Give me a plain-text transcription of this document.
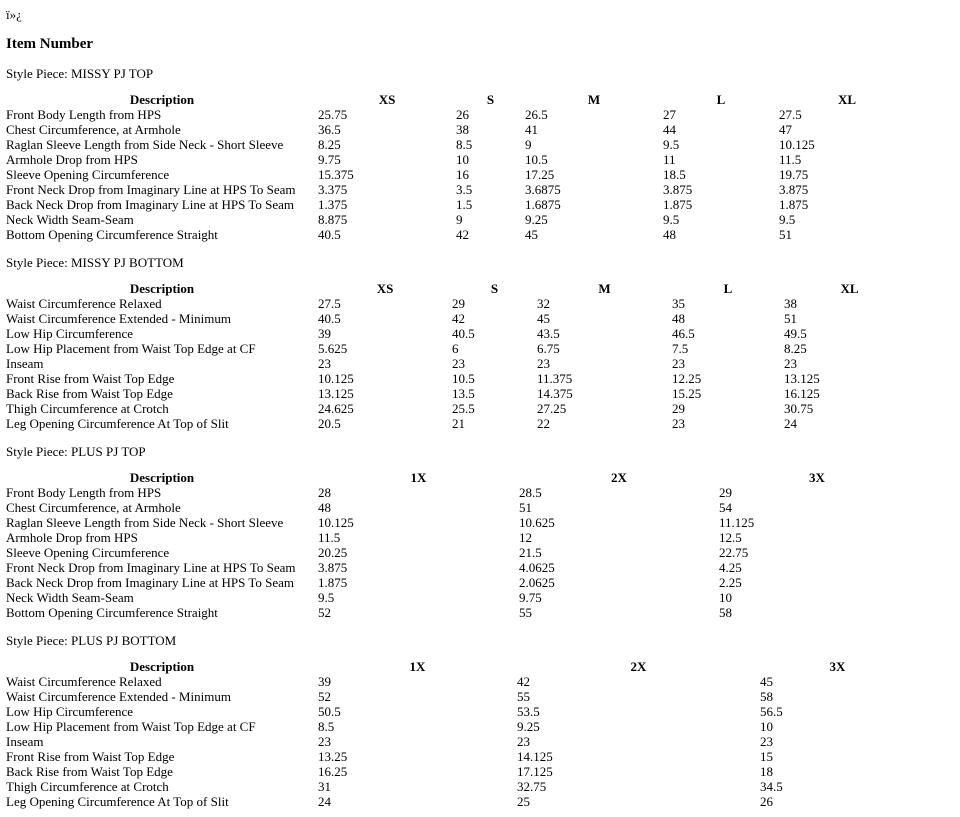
ï»¿

Item Number

Style Piece: MISSY PJ TOP

Description	XS	S	M	L	XL
Front Body Length from HPS	25.75	26	26.5	27	27.5
Chest Circumference, at Armhole	36.5	38	41	44	47
Raglan Sleeve Length from Side Neck - Short Sleeve	8.25	8.5	9	9.5	10.125
Armhole Drop from HPS	9.75	10	10.5	11	11.5
Sleeve Opening Circumference	15.375	16	17.25	18.5	19.75
Front Neck Drop from Imaginary Line at HPS To Seam	3.375	3.5	3.6875	3.875	3.875
Back Neck Drop from Imaginary Line at HPS To Seam	1.375	1.5	1.6875	1.875	1.875
Neck Width Seam-Seam	8.875	9	9.25	9.5	9.5
Bottom Opening Circumference Straight	40.5	42	45	48	51

Style Piece: MISSY PJ BOTTOM

Description	XS	S	M	L	XL
Waist Circumference Relaxed	27.5	29	32	35	38
Waist Circumference Extended - Minimum	40.5	42	45	48	51
Low Hip Circumference	39	40.5	43.5	46.5	49.5
Low Hip Placement from Waist Top Edge at CF	5.625	6	6.75	7.5	8.25
Inseam	23	23	23	23	23
Front Rise from Waist Top Edge	10.125	10.5	11.375	12.25	13.125
Back Rise from Waist Top Edge	13.125	13.5	14.375	15.25	16.125
Thigh Circumference at Crotch	24.625	25.5	27.25	29	30.75
Leg Opening Circumference At Top of Slit	20.5	21	22	23	24

Style Piece: PLUS PJ TOP

Description	1X	2X	3X
Front Body Length from HPS	28	28.5	29
Chest Circumference, at Armhole	48	51	54
Raglan Sleeve Length from Side Neck - Short Sleeve	10.125	10.625	11.125
Armhole Drop from HPS	11.5	12	12.5
Sleeve Opening Circumference	20.25	21.5	22.75
Front Neck Drop from Imaginary Line at HPS To Seam	3.875	4.0625	4.25
Back Neck Drop from Imaginary Line at HPS To Seam	1.875	2.0625	2.25
Neck Width Seam-Seam	9.5	9.75	10
Bottom Opening Circumference Straight	52	55	58

Style Piece: PLUS PJ BOTTOM

Description	1X	2X	3X
Waist Circumference Relaxed	39	42	45
Waist Circumference Extended - Minimum	52	55	58
Low Hip Circumference	50.5	53.5	56.5
Low Hip Placement from Waist Top Edge at CF	8.5	9.25	10
Inseam	23	23	23
Front Rise from Waist Top Edge	13.25	14.125	15
Back Rise from Waist Top Edge	16.25	17.125	18
Thigh Circumference at Crotch	31	32.75	34.5
Leg Opening Circumference At Top of Slit	24	25	26
